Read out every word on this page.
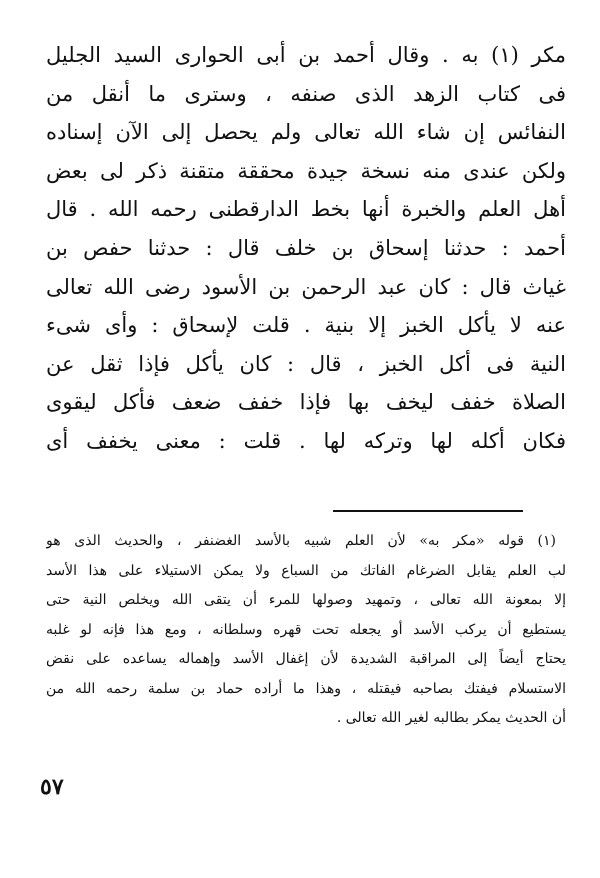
مكر (١) به . وقال أحمد بن أبى الحوارى السيد الجليل
فى كتاب الزهد الذى صنفه ، وسترى ما أنقل من
النفائس إن شاء الله تعالى ولم يحصل إلى الآن إسناده
ولكن عندى منه نسخة جيدة محققة متقنة ذكر لى بعض
أهل العلم والخبرة أنها بخط الدارقطنى رحمه الله . قال
أحمد : حدثنا إسحاق بن خلف قال : حدثنا حفص بن
غياث قال : كان عبد الرحمن بن الأسود رضى الله تعالى
عنه لا يأكل الخبز إلا بنية . قلت لإسحاق : وأى شىء
النية فى أكل الخبز ، قال : كان يأكل فإذا ثقل عن
الصلاة خفف ليخف بها فإذا خفف ضعف فأكل ليقوى
فكان أكله لها وتركه لها . قلت : معنى يخفف أى
(١) قوله «مكر به» لأن العلم شبيه بالأسد الغضنفر ، والحديث الذى هو
لب العلم يقابل الضرغام الفاتك من السباع ولا يمكن الاستيلاء على هذا الأسد
إلا بمعونة الله تعالى ، وتمهيد وصولها للمرء أن يتقى الله ويخلص النية حتى
يستطيع أن يركب الأسد أو يجعله تحت قهره وسلطانه ، ومع هذا فإنه لو غلبه
يحتاج أيضاً إلى المراقبة الشديدة لأن إغفال الأسد وإهماله يساعده على نقض
الاستسلام فيفتك بصاحبه فيقتله ، وهذا ما أراده حماد بن سلمة رحمه الله من
أن الحديث يمكر بطالبه لغير الله تعالى .
٥٧
